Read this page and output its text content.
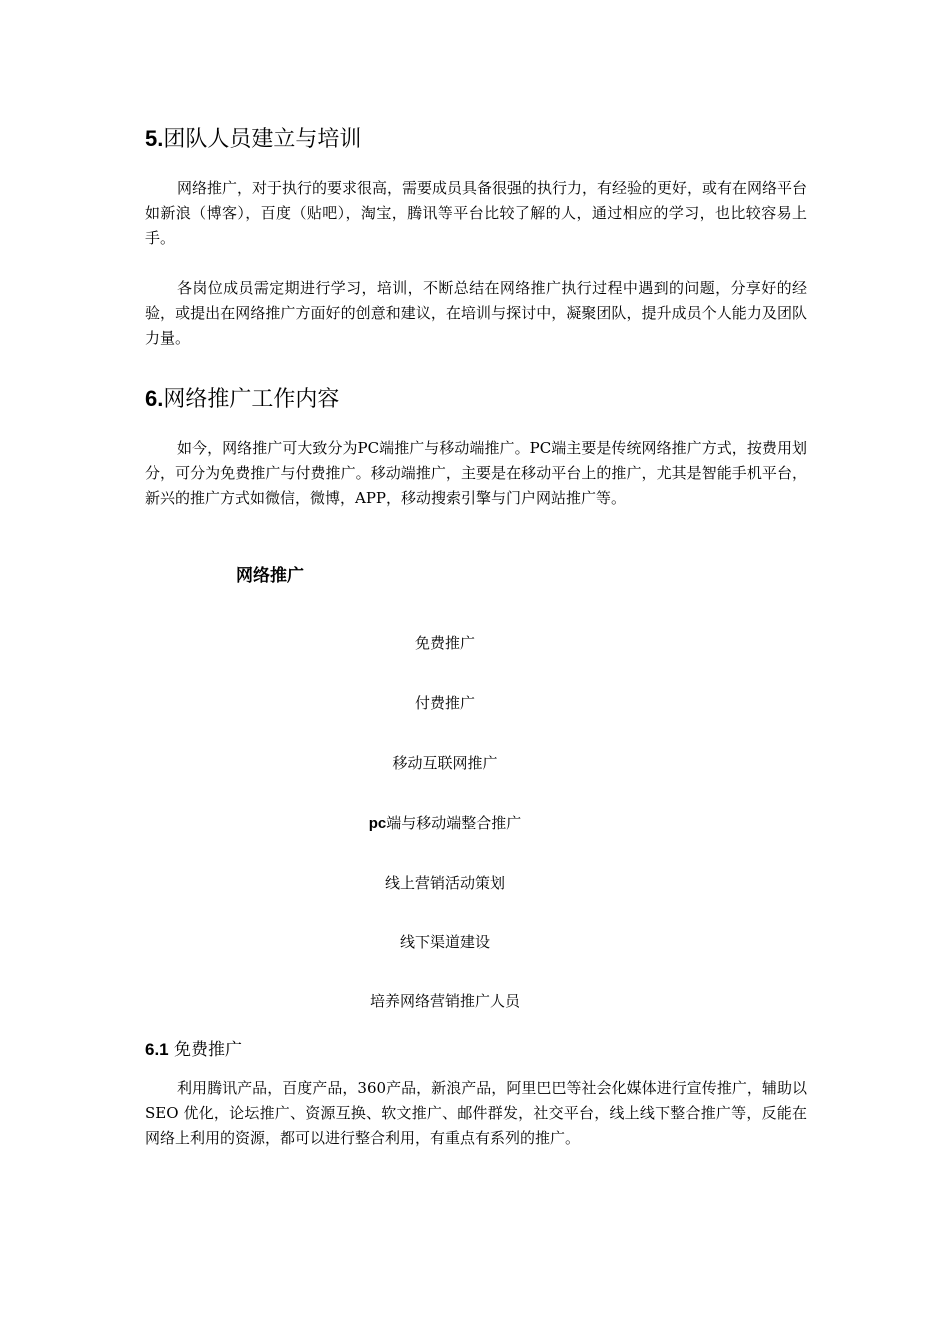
5.团队人员建立与培训

网络推广，对于执行的要求很高，需要成员具备很强的执行力，有经验的更好，或有在网络平台如新浪（博客），百度（贴吧），淘宝，腾讯等平台比较了解的人，通过相应的学习，也比较容易上手。

各岗位成员需定期进行学习，培训，不断总结在网络推广执行过程中遇到的问题，分享好的经验，或提出在网络推广方面好的创意和建议，在培训与探讨中，凝聚团队，提升成员个人能力及团队力量。

6.网络推广工作内容

如今，网络推广可大致分为PC端推广与移动端推广。PC端主要是传统网络推广方式，按费用划分，可分为免费推广与付费推广。移动端推广，主要是在移动平台上的推广，尤其是智能手机平台，新兴的推广方式如微信，微博，APP，移动搜索引擎与门户网站推广等。

网络推广
免费推广
付费推广
移动互联网推广
pc端与移动端整合推广
线上营销活动策划
线下渠道建设
培养网络营销推广人员
6.1 免费推广

利用腾讯产品，百度产品，360产品，新浪产品，阿里巴巴等社会化媒体进行宣传推广，辅助以 SEO 优化，论坛推广、资源互换、软文推广、邮件群发，社交平台，线上线下整合推广等，反能在网络上利用的资源，都可以进行整合利用，有重点有系列的推广。
